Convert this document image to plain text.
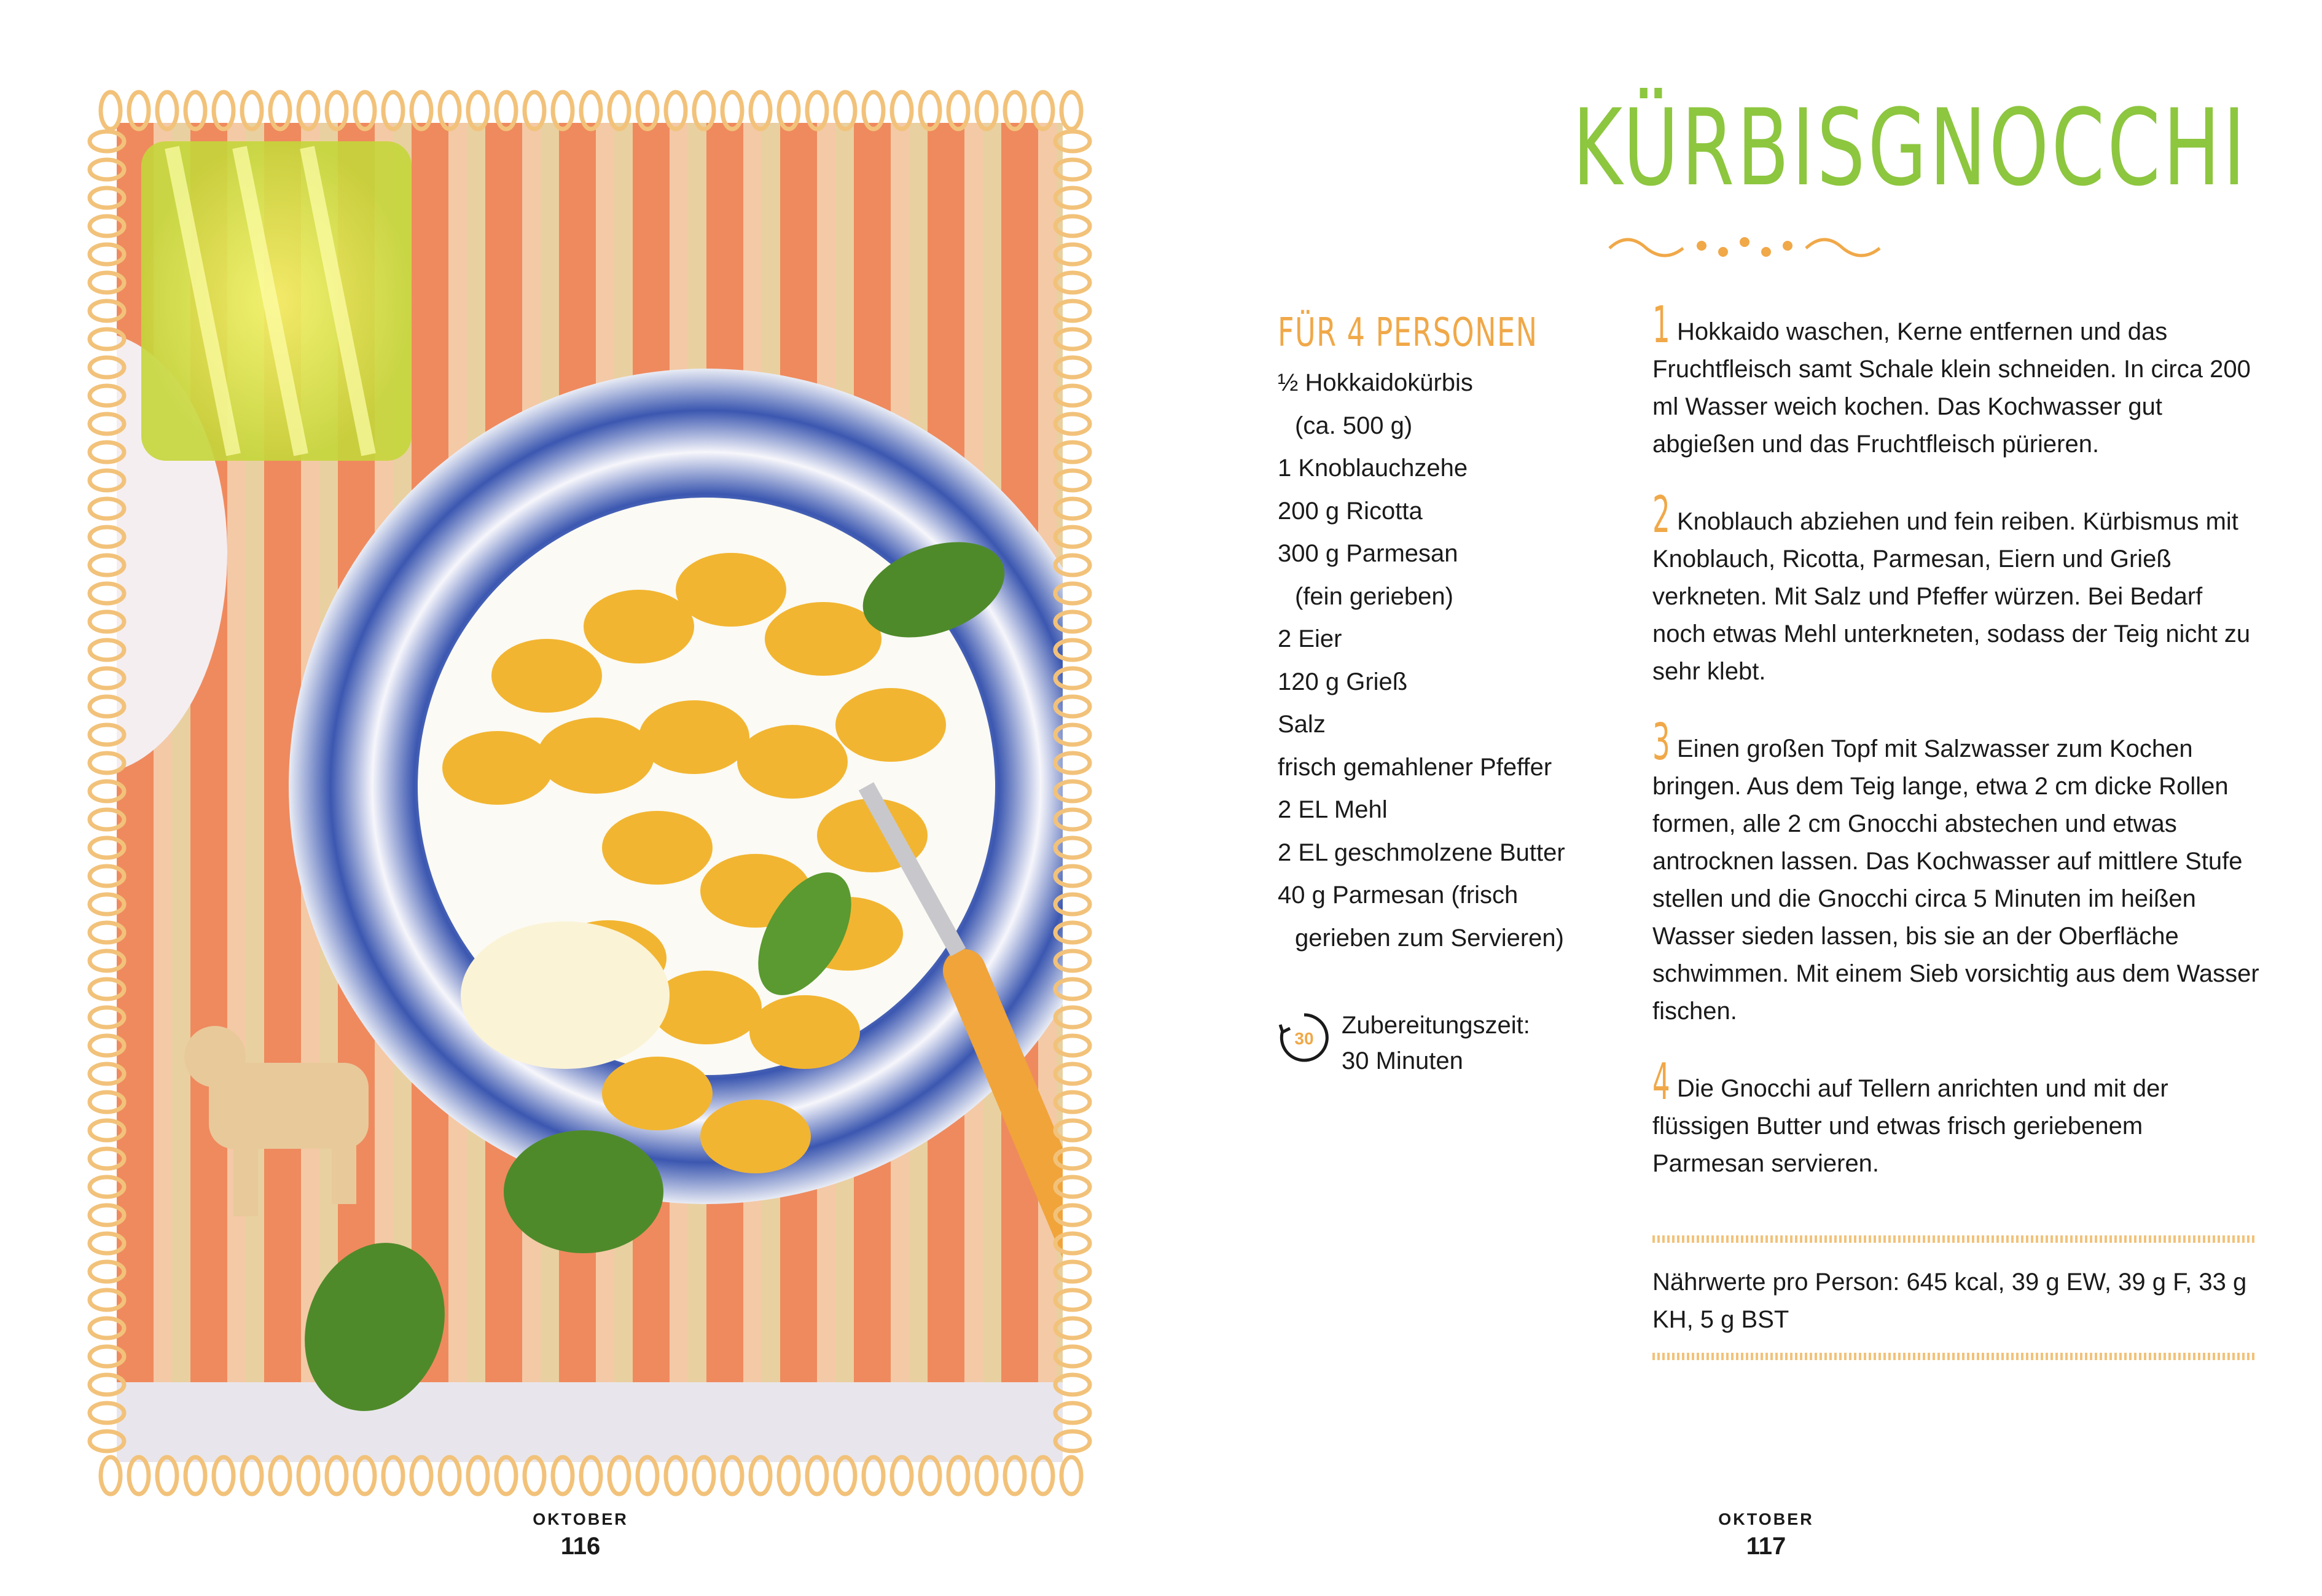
OKTOBER
116
KÜRBISGNOCCHI
FÜR 4 PERSONEN
½ Hokkaidokürbis
(ca. 500 g)
1 Knoblauchzehe
200 g Ricotta
300 g Parmesan
(fein gerieben)
2 Eier
120 g Grieß
Salz
frisch gemahlener Pfeffer
2 EL Mehl
2 EL geschmolzene Butter
40 g Parmesan (frisch
gerieben zum Servieren)
30 Zubereitungszeit:
30 Minuten
1 Hokkaido waschen, Kerne entfernen und das Fruchtfleisch samt Schale klein schneiden. In circa 200 ml Wasser weich kochen. Das Kochwasser gut abgießen und das Fruchtfleisch pürieren.
2 Knoblauch abziehen und fein reiben. Kürbismus mit Knoblauch, Ricotta, Parmesan, Eiern und Grieß verkneten. Mit Salz und Pfeffer würzen. Bei Bedarf noch etwas Mehl unterkneten, sodass der Teig nicht zu sehr klebt.
3 Einen großen Topf mit Salzwasser zum Kochen bringen. Aus dem Teig lange, etwa 2 cm dicke Rollen formen, alle 2 cm Gnocchi abstechen und etwas antrocknen lassen. Das Kochwasser auf mittlere Stufe stellen und die Gnocchi circa 5 Minuten im heißen Wasser sieden lassen, bis sie an der Oberfläche schwimmen. Mit einem Sieb vorsichtig aus dem Wasser fischen.
4 Die Gnocchi auf Tellern anrichten und mit der flüssigen Butter und etwas frisch geriebenem Parmesan servieren.
Nährwerte pro Person: 645 kcal, 39 g EW, 39 g F, 33 g KH, 5 g BST
OKTOBER
117
